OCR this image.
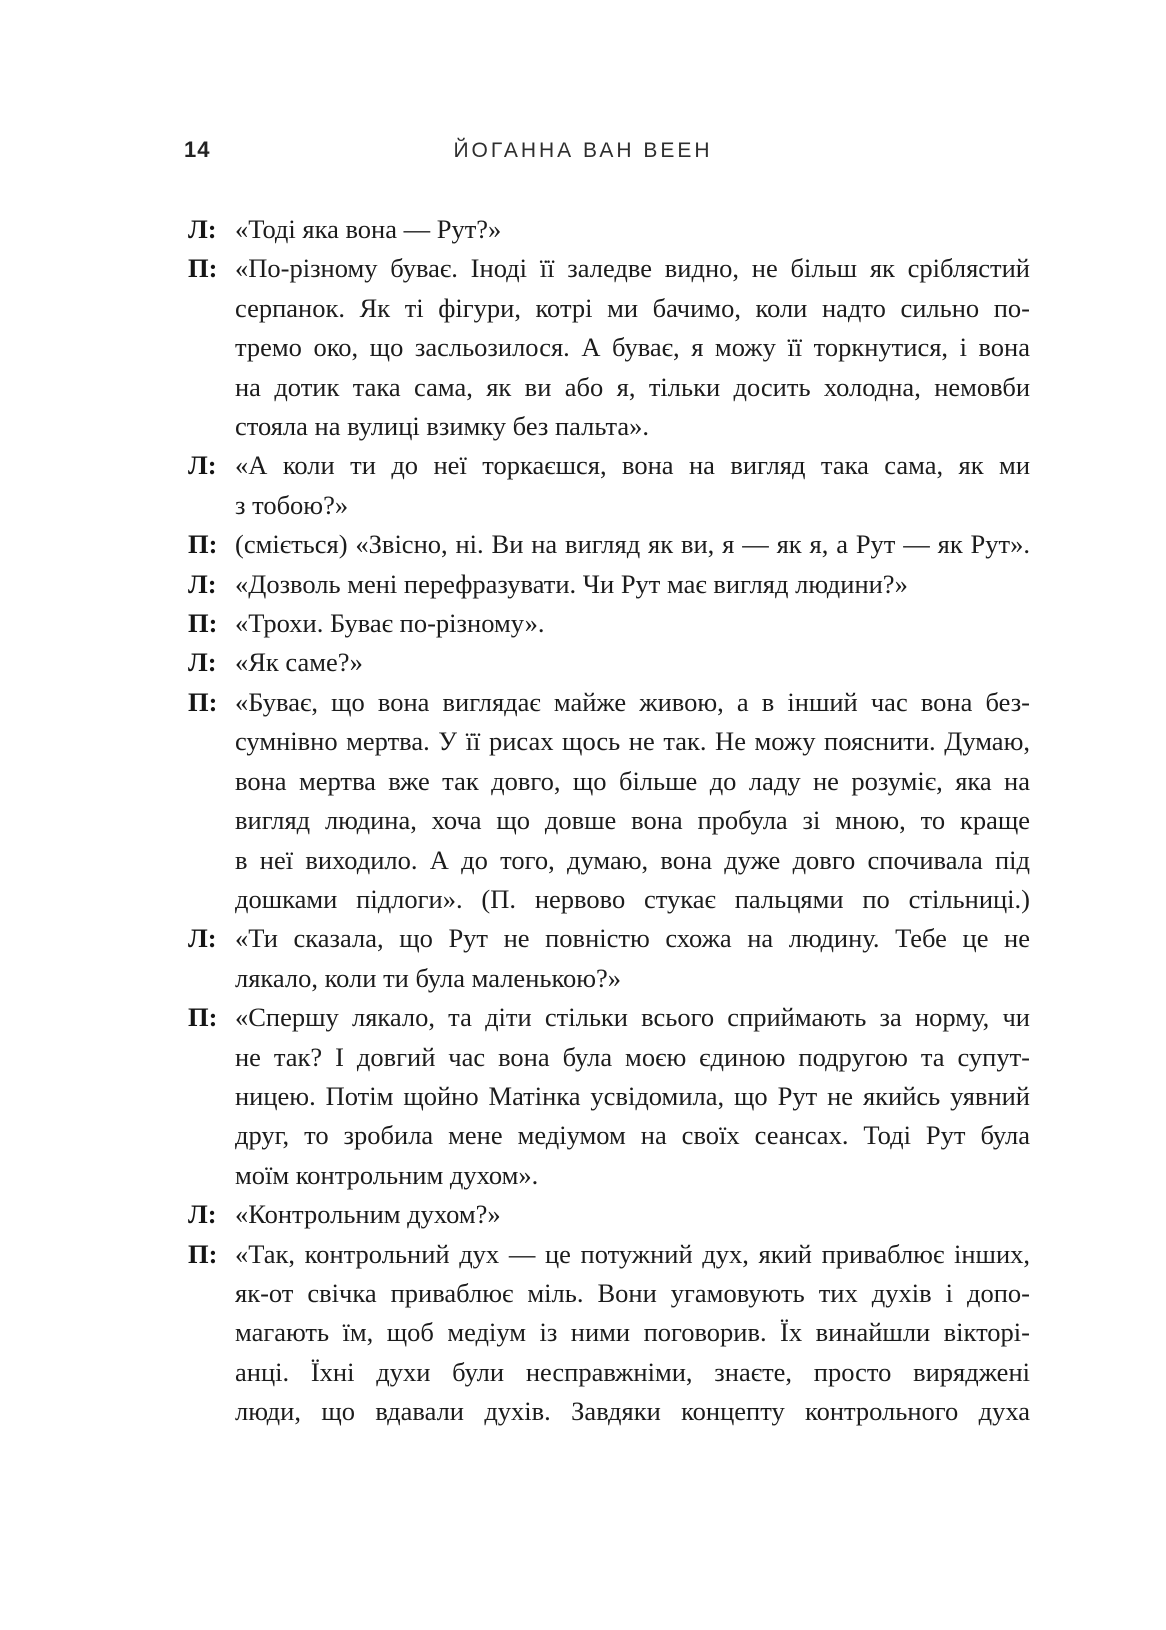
14	ЙОГАННА ВАН ВЕЕН
Л: «Тоді яка вона — Рут?»
П: «По-різному буває. Іноді її заледве видно, не більш як сріблястий
серпанок. Як ті фігури, котрі ми бачимо, коли надто сильно по-
тремо око, що засльозилося. А буває, я можу її торкнутися, і вона
на дотик така сама, як ви або я, тільки досить холодна, немовби
стояла на вулиці взимку без пальта».
Л: «А коли ти до неї торкаєшся, вона на вигляд така сама, як ми
з тобою?»
П: (сміється) «Звісно, ні. Ви на вигляд як ви, я — як я, а Рут — як Рут».
Л: «Дозволь мені перефразувати. Чи Рут має вигляд людини?»
П: «Трохи. Буває по-різному».
Л: «Як саме?»
П: «Буває, що вона виглядає майже живою, а в інший час вона без-
сумнівно мертва. У її рисах щось не так. Не можу пояснити. Думаю,
вона мертва вже так довго, що більше до ладу не розуміє, яка на
вигляд людина, хоча що довше вона пробула зі мною, то краще
в неї виходило. А до того, думаю, вона дуже довго спочивала під
дошками підлоги». (П. нервово стукає пальцями по стільниці.)
Л: «Ти сказала, що Рут не повністю схожа на людину. Тебе це не
лякало, коли ти була маленькою?»
П: «Спершу лякало, та діти стільки всього сприймають за норму, чи
не так? І довгий час вона була моєю єдиною подругою та супут-
ницею. Потім щойно Матінка усвідомила, що Рут не якийсь уявний
друг, то зробила мене медіумом на своїх сеансах. Тоді Рут була
моїм контрольним духом».
Л: «Контрольним духом?»
П: «Так, контрольний дух — це потужний дух, який приваблює інших,
як-от свічка приваблює міль. Вони угамовують тих духів і допо-
магають їм, щоб медіум із ними поговорив. Їх винайшли вікторі-
анці. Їхні духи були несправжніми, знаєте, просто виряджені
люди, що вдавали духів. Завдяки концепту контрольного духа
